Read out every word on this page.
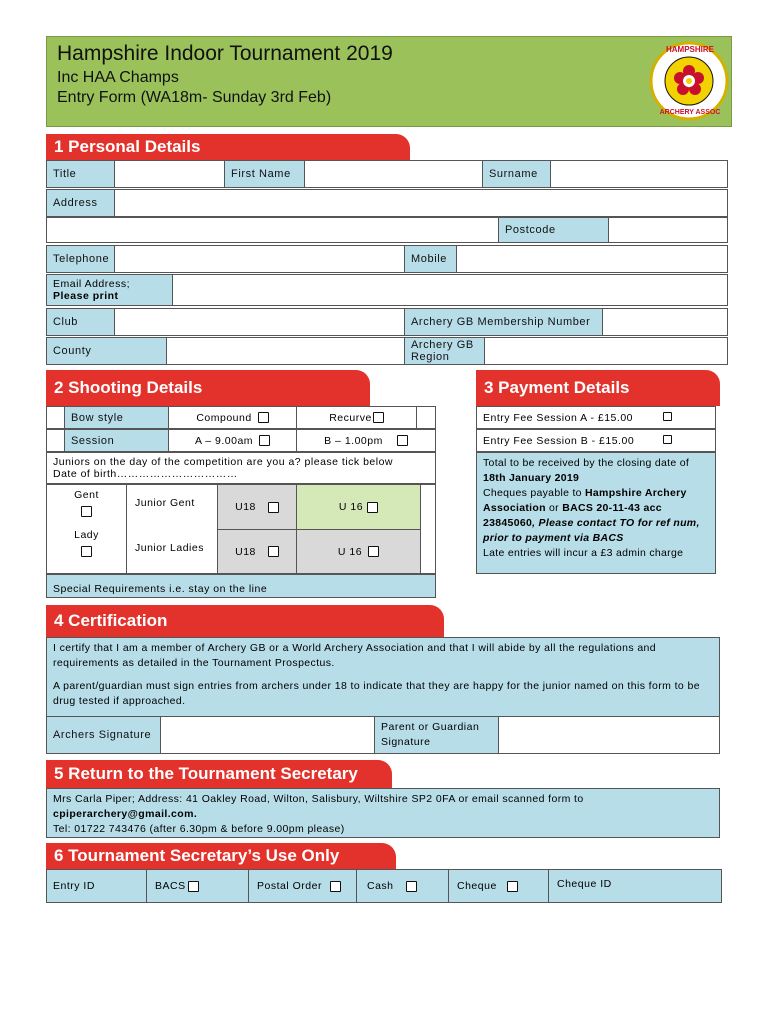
Hampshire Indoor Tournament 2019
Inc HAA Champs
Entry Form (WA18m- Sunday 3rd Feb)
HAMPSHIRE
ARCHERY ASSOC
1 Personal Details
Title	First Name	Surname
Address
Postcode
Telephone	Mobile
Email Address;
Please print
Club	Archery GB Membership Number
County	Archery GB Region
2 Shooting Details
Bow style	Compound	Recurve
Session	A – 9.00am	B – 1.00pm
Juniors on the day of the competition are you a? please tick below
Date of birth……………………………
Gent
Lady
Junior Gent	U18	U 16
Junior Ladies	U18	U 16
Special Requirements i.e. stay on the line
3 Payment Details
Entry Fee Session A - £15.00
Entry Fee Session B - £15.00
Total to be received by the closing date of
18th January 2019
Cheques payable to Hampshire Archery
Association or BACS 20-11-43 acc
23845060, Please contact TO for ref num,
prior to payment via BACS
Late entries will incur a £3 admin charge
4 Certification
I certify that I am a member of Archery GB or a World Archery Association and that I will abide by all the regulations and requirements as detailed in the Tournament Prospectus.
A parent/guardian must sign entries from archers under 18 to indicate that they are happy for the junior named on this form to be drug tested if approached.
Archers Signature
Parent or Guardian
Signature
5 Return to the Tournament Secretary
Mrs Carla Piper; Address: 41 Oakley Road, Wilton, Salisbury, Wiltshire SP2 0FA or email scanned form to
cpiperarchery@gmail.com.
Tel: 01722 743476 (after 6.30pm & before 9.00pm please)
6 Tournament Secretary’s Use Only
Entry ID	BACS	Postal Order	Cash	Cheque	Cheque ID
